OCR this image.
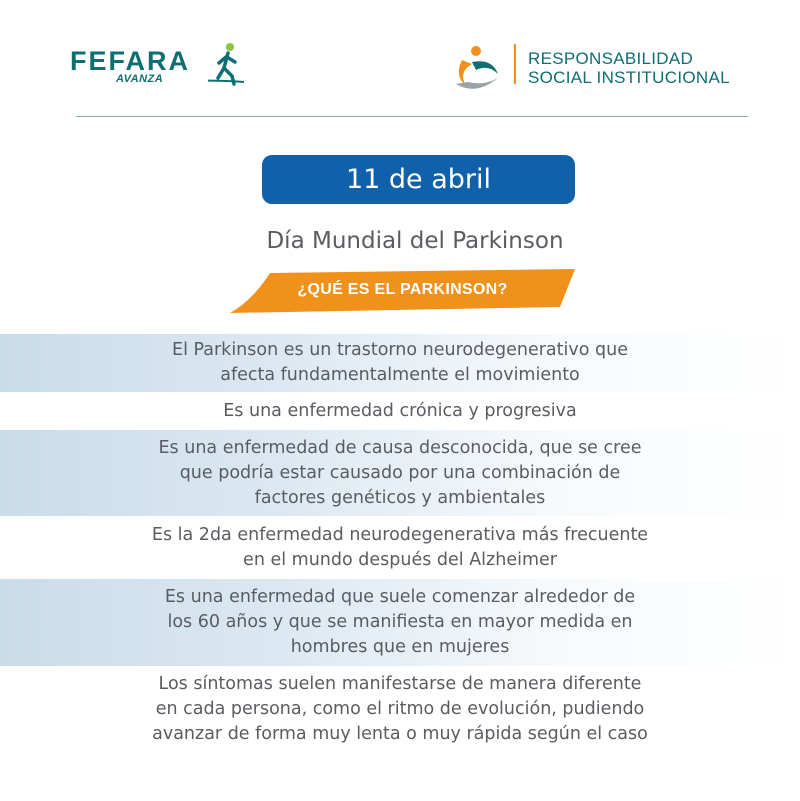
FEFARA
AVANZA
RESPONSABILIDAD
SOCIAL INSTITUCIONAL
11 de abril
Día Mundial del Parkinson
¿QUÉ ES EL PARKINSON?

El Parkinson es un trastorno neurodegenerativo que
afecta fundamentalmente el movimiento

Es una enfermedad crónica y progresiva

Es una enfermedad de causa desconocida, que se cree
que podría estar causado por una combinación de
factores genéticos y ambientales

Es la 2da enfermedad neurodegenerativa más frecuente
en el mundo después del Alzheimer

Es una enfermedad que suele comenzar alrededor de
los 60 años y que se manifiesta en mayor medida en
hombres que en mujeres

Los síntomas suelen manifestarse de manera diferente
en cada persona, como el ritmo de evolución, pudiendo
avanzar de forma muy lenta o muy rápida según el caso
